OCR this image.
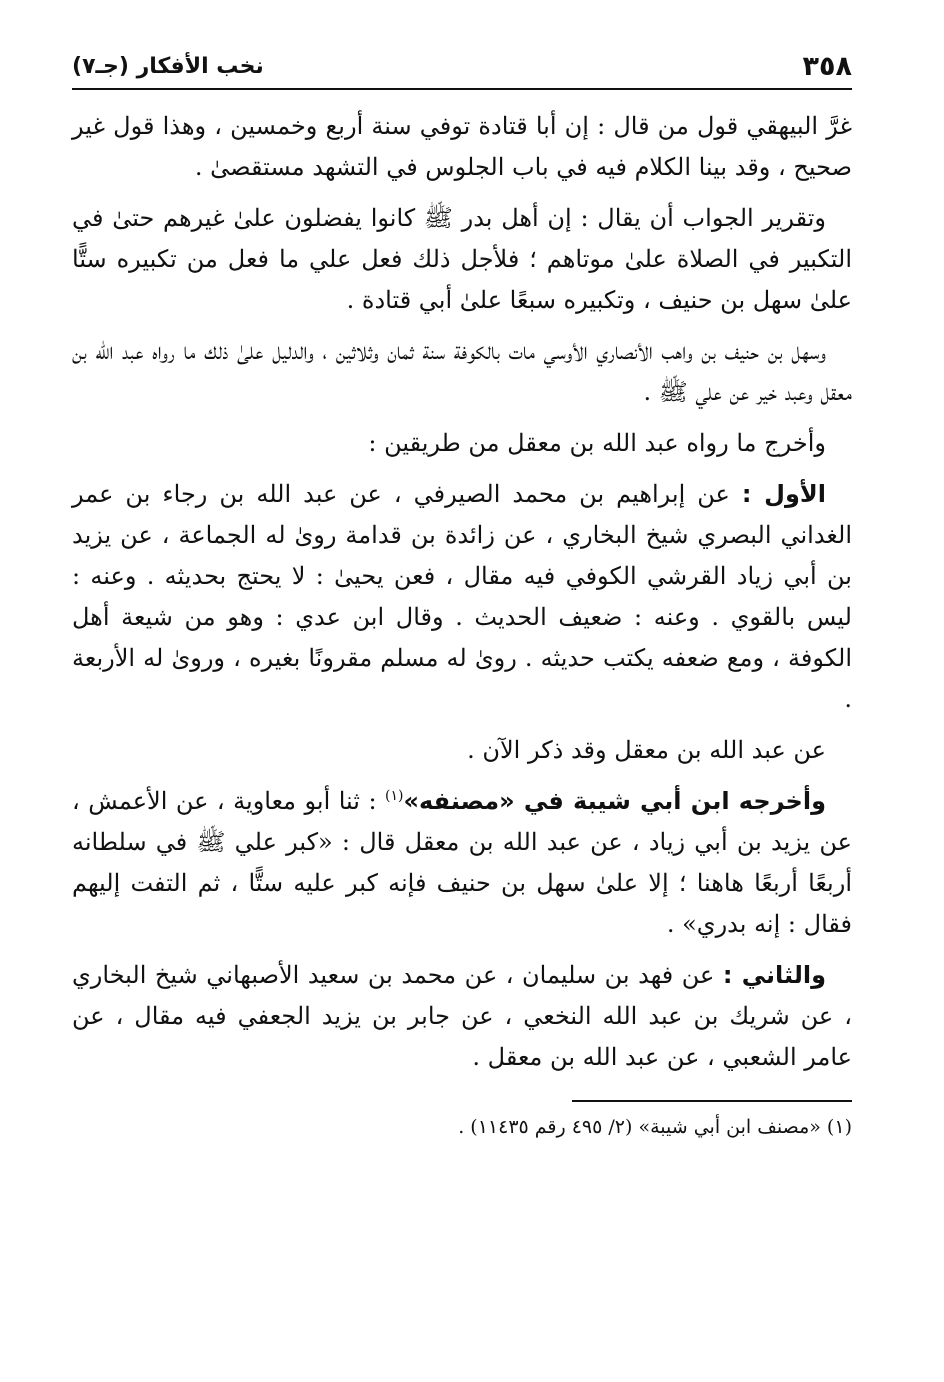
٣٥٨
نخب الأفكار (جـ٧)

غرَّ البيهقي قول من قال : إن أبا قتادة توفي سنة أربع وخمسين ، وهذا قول غير صحيح ، وقد بينا الكلام فيه في باب الجلوس في التشهد مستقصىٰ .

وتقرير الجواب أن يقال : إن أهل بدر ﷺ كانوا يفضلون علىٰ غيرهم حتىٰ في التكبير في الصلاة علىٰ موتاهم ؛ فلأجل ذلك فعل علي ما فعل من تكبيره ستًّا علىٰ سهل بن حنيف ، وتكبيره سبعًا علىٰ أبي قتادة .

وسهل بن حنيف بن واهب الأنصاري الأوسي مات بالكوفة سنة ثمان وثلاثين ، والدليل علىٰ ذلك ما رواه عبد الله بن معقل وعبد خير عن علي ﷺ .

وأخرج ما رواه عبد الله بن معقل من طريقين :

الأول : عن إبراهيم بن محمد الصيرفي ، عن عبد الله بن رجاء بن عمر الغداني البصري شيخ البخاري ، عن زائدة بن قدامة روىٰ له الجماعة ، عن يزيد بن أبي زياد القرشي الكوفي فيه مقال ، فعن يحيىٰ : لا يحتج بحديثه . وعنه : ليس بالقوي . وعنه : ضعيف الحديث . وقال ابن عدي : وهو من شيعة أهل الكوفة ، ومع ضعفه يكتب حديثه . روىٰ له مسلم مقرونًا بغيره ، وروىٰ له الأربعة .

عن عبد الله بن معقل وقد ذكر الآن .

وأخرجه ابن أبي شيبة في «مصنفه»$^{(١)}$ : ثنا أبو معاوية ، عن الأعمش ، عن يزيد بن أبي زياد ، عن عبد الله بن معقل قال : «كبر علي ﷺ في سلطانه أربعًا أربعًا هاهنا ؛ إلا علىٰ سهل بن حنيف فإنه كبر عليه ستًّا ، ثم التفت إليهم فقال : إنه بدري» .

والثاني : عن فهد بن سليمان ، عن محمد بن سعيد الأصبهاني شيخ البخاري ، عن شريك بن عبد الله النخعي ، عن جابر بن يزيد الجعفي فيه مقال ، عن عامر الشعبي ، عن عبد الله بن معقل .

(١) «مصنف ابن أبي شيبة» (٢/ ٤٩٥ رقم ١١٤٣٥) .
